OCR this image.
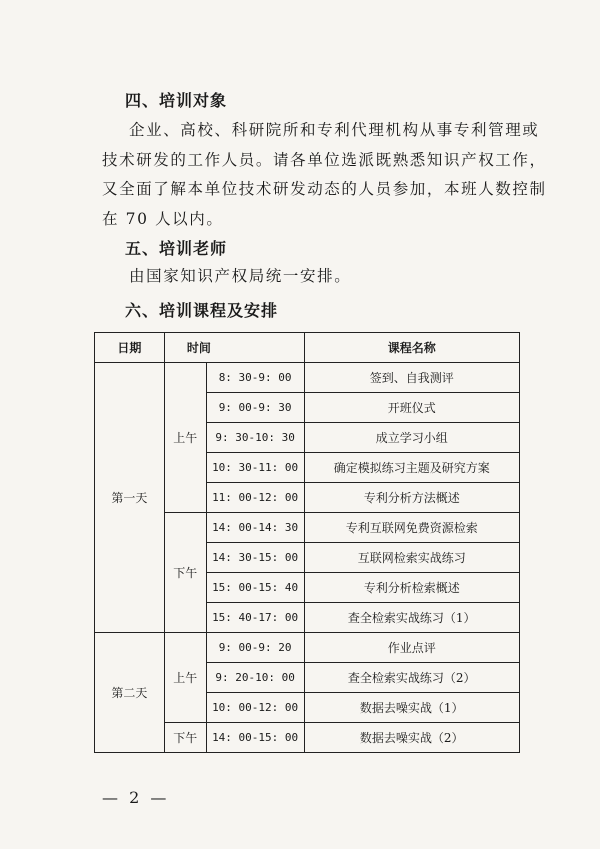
四、培训对象

企业、高校、科研院所和专利代理机构从事专利管理或

技术研发的工作人员。请各单位选派既熟悉知识产权工作，

又全面了解本单位技术研发动态的人员参加，本班人数控制

在 70 人以内。

五、培训老师

由国家知识产权局统一安排。

六、培训课程及安排
日期	时间		课程名称
第一天	上午	8: 30-9: 00	签到、自我测评
		9: 00-9: 30	开班仪式
		9: 30-10: 30	成立学习小组
		10: 30-11: 00	确定模拟练习主题及研究方案
		11: 00-12: 00	专利分析方法概述
	下午	14: 00-14: 30	专利互联网免费资源检索
		14: 30-15: 00	互联网检索实战练习
		15: 00-15: 40	专利分析检索概述
		15: 40-17: 00	查全检索实战练习（1）
第二天	上午	9: 00-9: 20	作业点评
		9: 20-10: 00	查全检索实战练习（2）
		10: 00-12: 00	数据去噪实战（1）
	下午	14: 00-15: 00	数据去噪实战（2）
— 2 —
